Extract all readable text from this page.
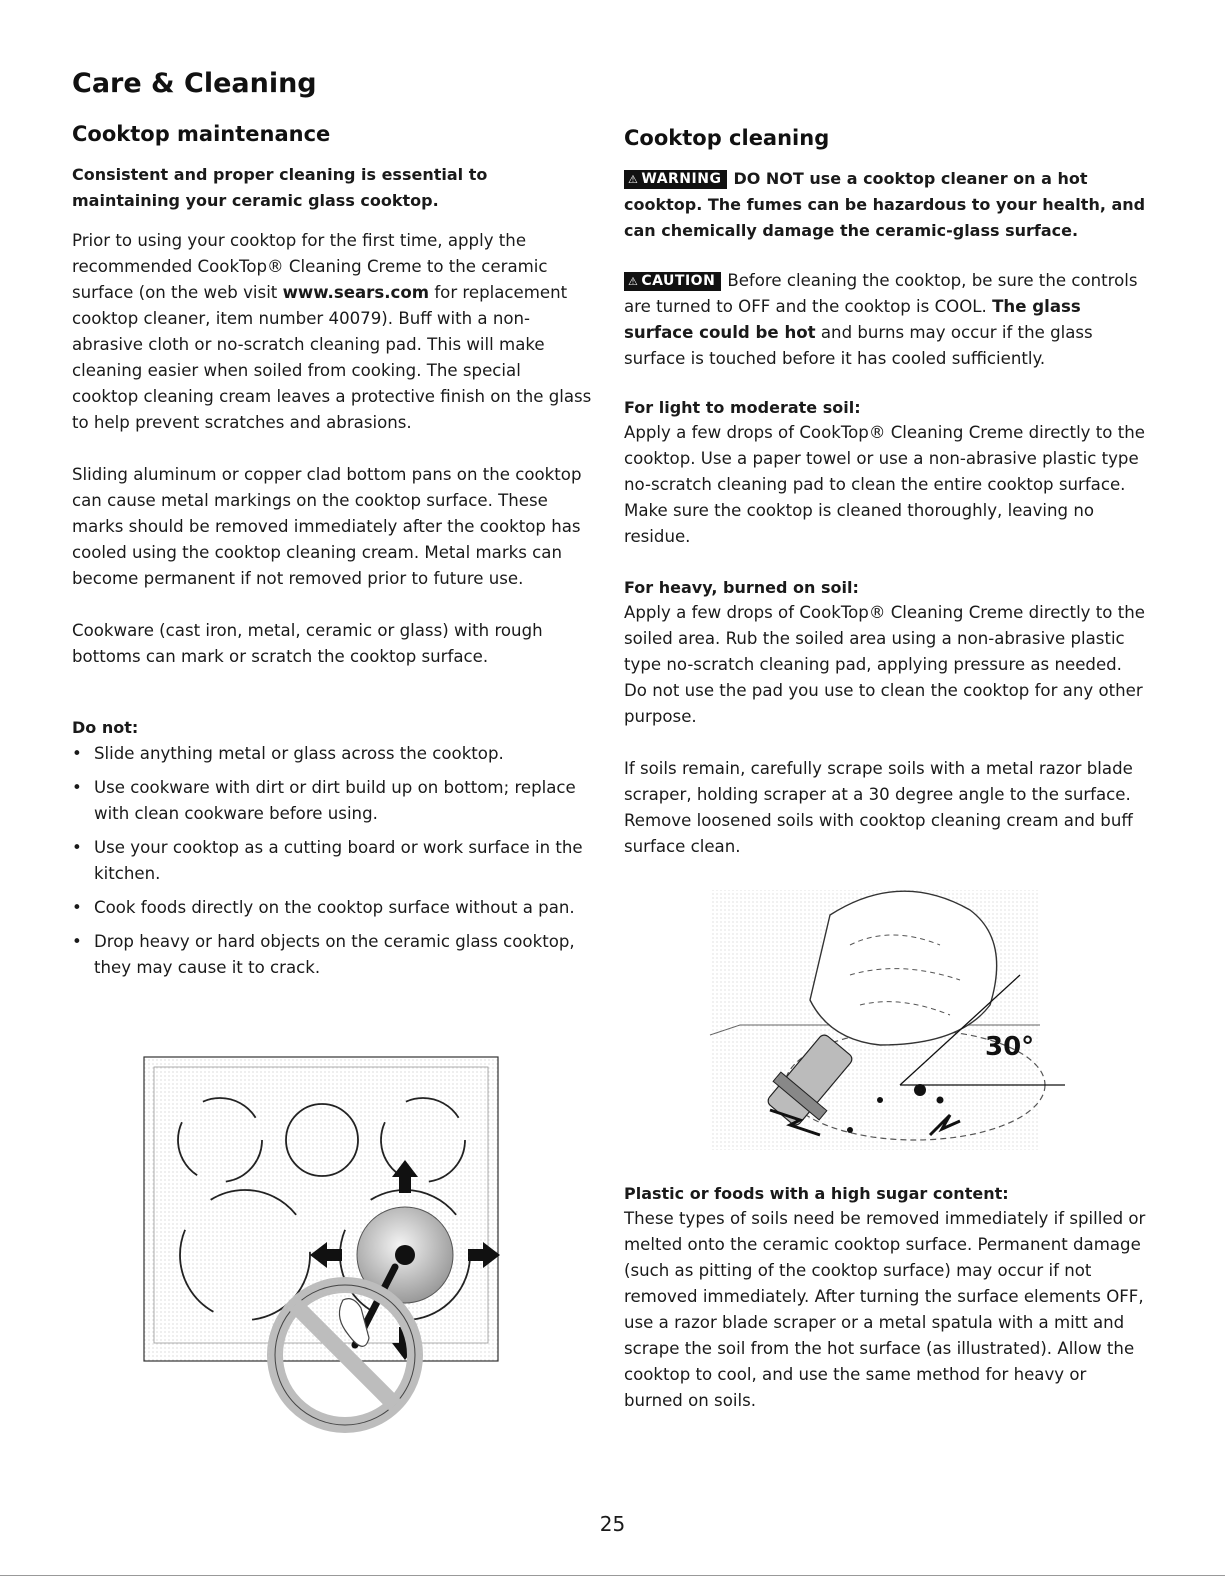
Care & Cleaning
Cooktop maintenance

Consistent and proper cleaning is essential to maintaining your ceramic glass cooktop.

Prior to using your cooktop for the first time, apply the recommended CookTop® Cleaning Creme to the ceramic surface (on the web visit www.sears.com for replacement cooktop cleaner, item number 40079). Buff with a non-abrasive cloth or no-scratch cleaning pad. This will make cleaning easier when soiled from cooking. The special cooktop cleaning cream leaves a protective finish on the glass to help prevent scratches and abrasions.

Sliding aluminum or copper clad bottom pans on the cooktop can cause metal markings on the cooktop surface. These marks should be removed immediately after the cooktop has cooled using the cooktop cleaning cream. Metal marks can become permanent if not removed prior to future use.

Cookware (cast iron, metal, ceramic or glass) with rough bottoms can mark or scratch the cooktop surface.

Do not:
• Slide anything metal or glass across the cooktop.
• Use cookware with dirt or dirt build up on bottom; replace with clean cookware before using.
• Use your cooktop as a cutting board or work surface in the kitchen.
• Cook foods directly on the cooktop surface without a pan.
• Drop heavy or hard objects on the ceramic glass cooktop, they may cause it to crack.
Cooktop cleaning

⚠ WARNING DO NOT use a cooktop cleaner on a hot cooktop. The fumes can be hazardous to your health, and can chemically damage the ceramic-glass surface.

⚠ CAUTION Before cleaning the cooktop, be sure the controls are turned to OFF and the cooktop is COOL. The glass surface could be hot and burns may occur if the glass surface is touched before it has cooled sufficiently.

For light to moderate soil:

Apply a few drops of CookTop® Cleaning Creme directly to the cooktop. Use a paper towel or use a non-abrasive plastic type no-scratch cleaning pad to clean the entire cooktop surface. Make sure the cooktop is cleaned thoroughly, leaving no residue.

For heavy, burned on soil:

Apply a few drops of CookTop® Cleaning Creme directly to the soiled area. Rub the soiled area using a non-abrasive plastic type no-scratch cleaning pad, applying pressure as needed. Do not use the pad you use to clean the cooktop for any other purpose.

If soils remain, carefully scrape soils with a metal razor blade scraper, holding scraper at a 30 degree angle to the surface. Remove loosened soils with cooktop cleaning cream and buff surface clean.

30°
Plastic or foods with a high sugar content:

These types of soils need be removed immediately if spilled or melted onto the ceramic cooktop surface. Permanent damage (such as pitting of the cooktop surface) may occur if not removed immediately. After turning the surface elements OFF, use a razor blade scraper or a metal spatula with a mitt and scrape the soil from the hot surface (as illustrated). Allow the cooktop to cool, and use the same method for heavy or burned on soils.

25
